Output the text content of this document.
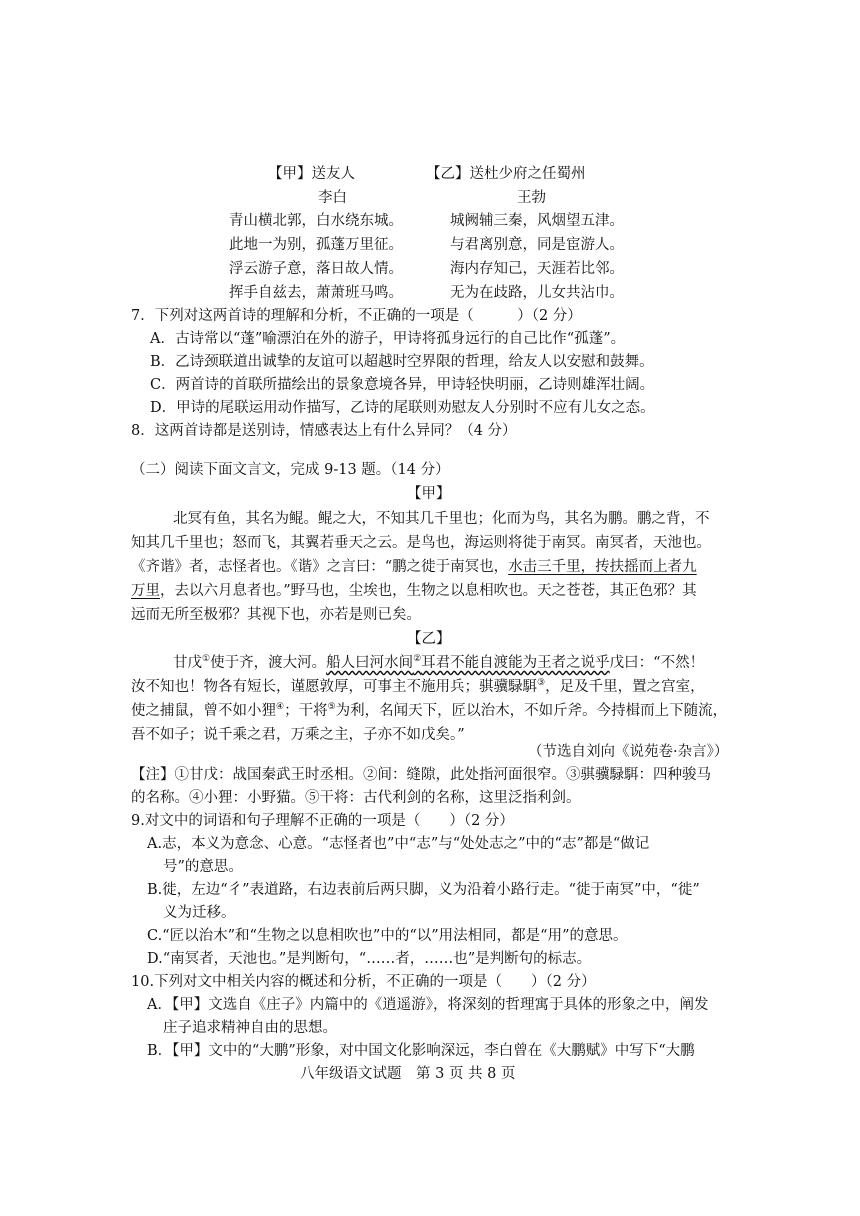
【甲】送友人	【乙】送杜少府之任蜀州
李白	王勃
青山横北郭，白水绕东城。
此地一为别，孤蓬万里征。
浮云游子意，落日故人情。
挥手自兹去，萧萧班马鸣。
城阙辅三秦，风烟望五津。
与君离别意，同是宦游人。
海内存知己，天涯若比邻。
无为在歧路，儿女共沾巾。
7．下列对这两首诗的理解和分析，不正确的一项是（　　　）（2 分）
A．古诗常以“蓬”喻漂泊在外的游子，甲诗将孤身远行的自己比作“孤蓬”。
B．乙诗颈联道出诚挚的友谊可以超越时空界限的哲理，给友人以安慰和鼓舞。
C．两首诗的首联所描绘出的景象意境各异，甲诗轻快明丽，乙诗则雄浑壮阔。
D．甲诗的尾联运用动作描写，乙诗的尾联则劝慰友人分别时不应有儿女之态。
8．这两首诗都是送别诗，情感表达上有什么异同？（4 分）
（二）阅读下面文言文，完成 9-13 题。（14 分）
【甲】
北冥有鱼，其名为鲲。鲲之大，不知其几千里也；化而为鸟，其名为鹏。鹏之背，不
知其几千里也；怒而飞，其翼若垂天之云。是鸟也，海运则将徙于南冥。南冥者，天池也。
《齐谐》者，志怪者也。《谐》之言曰：“鹏之徙于南冥也，水击三千里，抟扶摇而上者九
万里，去以六月息者也。”野马也，尘埃也，生物之以息相吹也。天之苍苍，其正色邪？其
远而无所至极邪？其视下也，亦若是则已矣。
【乙】
甘戊①使于齐，渡大河。船人曰河水间②耳君不能自渡能为王者之说乎戊曰：“不然！
汝不知也！物各有短长，谨愿敦厚，可事主不施用兵；骐骥騄駬③，足及千里，置之宫室，
使之捕鼠，曾不如小狸④；干将⑤为利，名闻天下，匠以治木，不如斤斧。今持楫而上下随流，
吾不如子；说千乘之君，万乘之主，子亦不如戊矣。”
（节选自刘向《说苑卷·杂言》）
【注】①甘戊：战国秦武王时丞相。②间：缝隙，此处指河面很窄。③骐骥騄駬：四种骏马
的名称。④小狸：小野猫。⑤干将：古代利剑的名称，这里泛指利剑。
9.对文中的词语和句子理解不正确的一项是（　　）（2 分）
A.志，本义为意念、心意。“志怪者也”中“志”与“处处志之”中的“志”都是“做记
号”的意思。
B.徙，左边“彳”表道路，右边表前后两只脚，义为沿着小路行走。“徙于南冥”中，“徙”
义为迁移。
C.“匠以治木”和“生物之以息相吹也”中的“以”用法相同，都是“用”的意思。
D.“南冥者，天池也。”是判断句，“……者，……也”是判断句的标志。
10.下列对文中相关内容的概述和分析，不正确的一项是（　　）（2 分）
A．【甲】文选自《庄子》内篇中的《逍遥游》，将深刻的哲理寓于具体的形象之中，阐发
庄子追求精神自由的思想。
B．【甲】文中的“大鹏”形象，对中国文化影响深远，李白曾在《大鹏赋》中写下“大鹏
八年级语文试题　第 3 页 共 8 页
